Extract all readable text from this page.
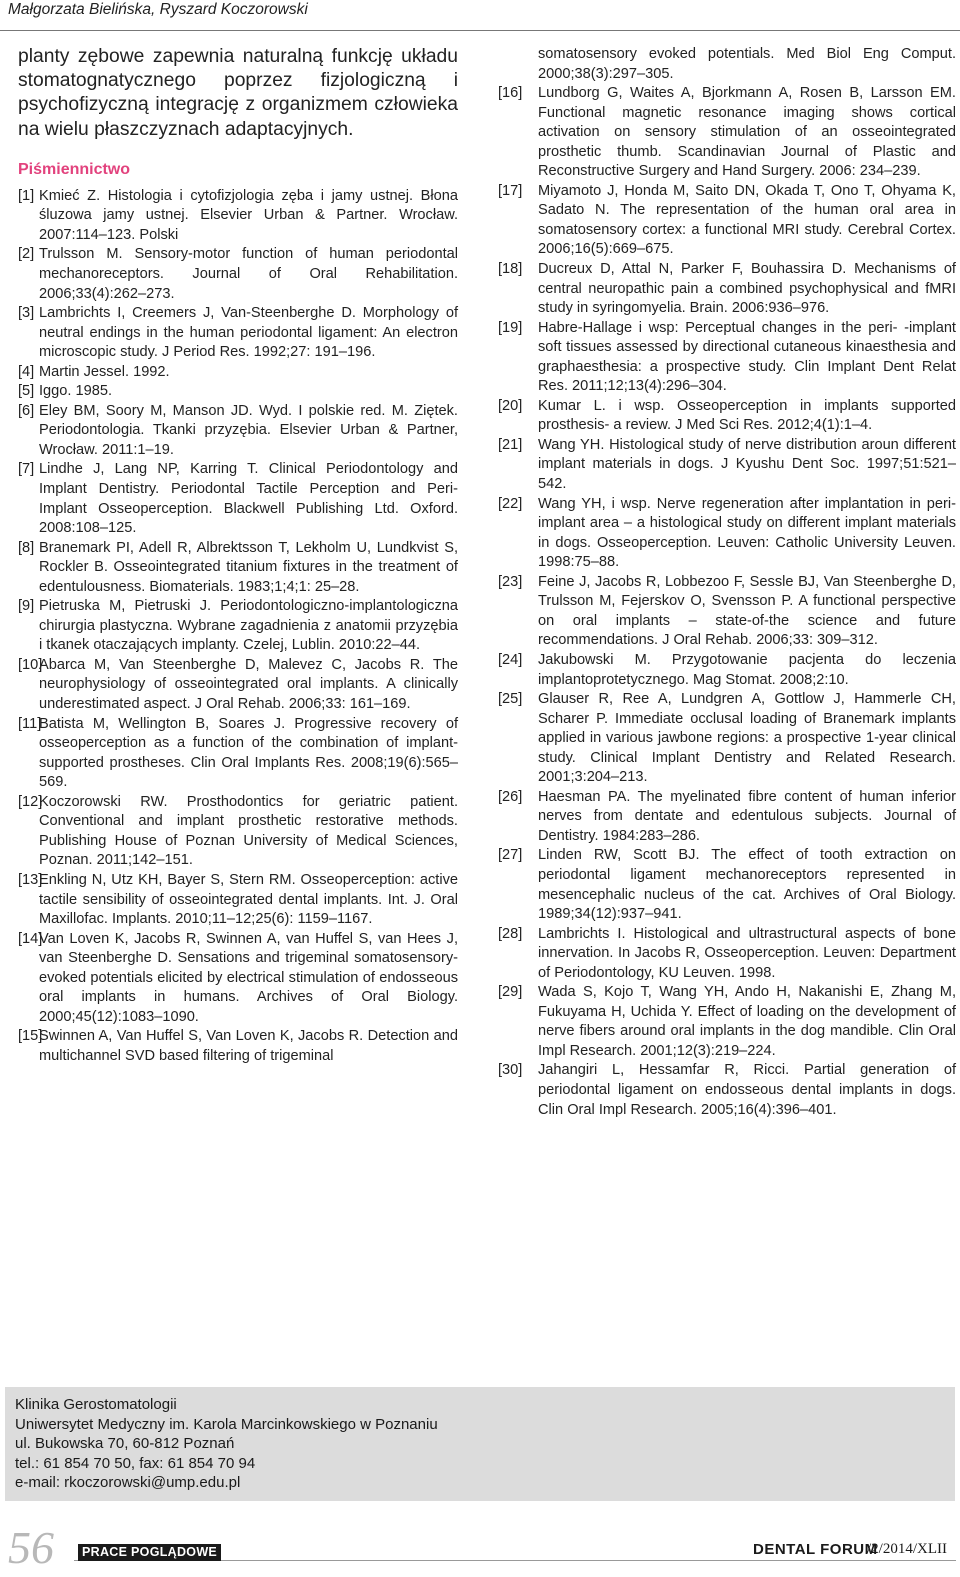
Małgorzata Bielińska, Ryszard Koczorowski

planty zębowe zapewnia naturalną funkcję układu stomatognatycznego poprzez fizjologiczną i psychofizyczną integrację z organizmem człowieka na wielu płaszczyznach adaptacyjnych.

Piśmiennictwo
[1] Kmieć Z. Histologia i cytofizjologia zęba i jamy ustnej. Błona śluzowa jamy ustnej. Elsevier Urban & Partner. Wrocław. 2007:114–123. Polski
[2] Trulsson M. Sensory-motor function of human periodontal mechanoreceptors. Journal of Oral Rehabilitation. 2006;33(4):262–273.
[3] Lambrichts I, Creemers J, Van-Steenberghe D. Morphology of neutral endings in the human periodontal ligament: An electron microscopic study. J Period Res. 1992;27: 191–196.
[4] Martin Jessel. 1992.
[5] Iggo. 1985.
[6] Eley BM, Soory M, Manson JD. Wyd. I polskie red. M. Ziętek. Periodontologia. Tkanki przyzębia. Elsevier Urban & Partner, Wrocław. 2011:1–19.
[7] Lindhe J, Lang NP, Karring T. Clinical Periodontology and Implant Dentistry. Periodontal Tactile Perception and Peri- Implant Osseoperception. Blackwell Publishing Ltd. Oxford. 2008:108–125.
[8] Branemark PI, Adell R, Albrektsson T, Lekholm U, Lundkvist S, Rockler B. Osseointegrated titanium fixtures in the treatment of edentulousness. Biomaterials. 1983;1;4;1: 25–28.
[9] Pietruska M, Pietruski J. Periodontologiczno-implantologiczna chirurgia plastyczna. Wybrane zagadnienia z anatomii przyzębia i tkanek otaczających implanty. Czelej, Lublin. 2010:22–44.
[10]
Abarca M, Van Steenberghe D, Malevez C, Jacobs R. The neurophysiology of osseointegrated oral implants. A clinically underestimated aspect. J Oral Rehab. 2006;33: 161–169.
[11]
Batista M, Wellington B, Soares J. Progressive recovery of osseoperception as a function of the combination of implant-supported prostheses. Clin Oral Implants Res. 2008;19(6):565–569.
[12]
Koczorowski RW. Prosthodontics for geriatric patient. Conventional and implant prosthetic restorative methods. Publishing House of Poznan University of Medical Sciences, Poznan. 2011;142–151.
[13]
Enkling N, Utz KH, Bayer S, Stern RM. Osseoperception: active tactile sensibility of osseointegrated dental implants. Int. J. Oral Maxillofac. Implants. 2010;11–12;25(6): 1159–1167.
[14]
Van Loven K, Jacobs R, Swinnen A, van Huffel S, van Hees J, van Steenberghe D. Sensations and trigeminal somatosensory- evoked potentials elicited by electrical stimulation of endosseous oral implants in humans. Archives of Oral Biology. 2000;45(12):1083–1090.
[15]
Swinnen A, Van Huffel S, Van Loven K, Jacobs R. Detection and multichannel SVD based filtering of trigeminal
somatosensory evoked potentials. Med Biol Eng Comput. 2000;38(3):297–305.
[16] Lundborg G, Waites A, Bjorkmann A, Rosen B, Larsson EM. Functional magnetic resonance imaging shows cortical activation on sensory stimulation of an osseointegrated prosthetic thumb. Scandinavian Journal of Plastic and Reconstructive Surgery and Hand Surgery. 2006: 234–239.
[17] Miyamoto J, Honda M, Saito DN, Okada T, Ono T, Ohyama K, Sadato N. The representation of the human oral area in somatosensory cortex: a functional MRI study. Cerebral Cortex. 2006;16(5):669–675.
[18] Ducreux D, Attal N, Parker F, Bouhassira D. Mechanisms of central neuropathic pain a combined psychophysical and fMRI study in syringomyelia. Brain. 2006:936–976.
[19] Habre-Hallage i wsp: Perceptual changes in the peri- -implant soft tissues assessed by directional cutaneous kinaesthesia and graphaesthesia: a prospective study. Clin Implant Dent Relat Res. 2011;12;13(4):296–304.
[20] Kumar L. i wsp. Osseoperception in implants supported prosthesis- a review. J Med Sci Res. 2012;4(1):1–4.
[21] Wang YH. Histological study of nerve distribution aroun different implant materials in dogs. J Kyushu Dent Soc. 1997;51:521–542.
[22] Wang YH, i wsp. Nerve regeneration after implantation in peri-implant area – a histological study on different implant materials in dogs. Osseoperception. Leuven: Catholic University Leuven. 1998:75–88.
[23] Feine J, Jacobs R, Lobbezoo F, Sessle BJ, Van Steenberghe D, Trulsson M, Fejerskov O, Svensson P. A functional perspective on oral implants – state-of-the science and future recommendations. J Oral Rehab. 2006;33: 309–312.
[24] Jakubowski M. Przygotowanie pacjenta do leczenia implantoprotetycznego. Mag Stomat. 2008;2:10.
[25] Glauser R, Ree A, Lundgren A, Gottlow J, Hammerle CH, Scharer P. Immediate occlusal loading of Branemark implants applied in various jawbone regions: a prospective 1-year clinical study. Clinical Implant Dentistry and Related Research. 2001;3:204–213.
[26] Haesman PA. The myelinated fibre content of human inferior nerves from dentate and edentulous subjects. Journal of Dentistry. 1984:283–286.
[27] Linden RW, Scott BJ. The effect of tooth extraction on periodontal ligament mechanoreceptors represented in mesencephalic nucleus of the cat. Archives of Oral Biology. 1989;34(12):937–941.
[28] Lambrichts I. Histological and ultrastructural aspects of bone innervation. In Jacobs R, Osseoperception. Leuven: Department of Periodontology, KU Leuven. 1998.
[29] Wada S, Kojo T, Wang YH, Ando H, Nakanishi E, Zhang M, Fukuyama H, Uchida Y. Effect of loading on the development of nerve fibers around oral implants in the dog mandible. Clin Oral Impl Research. 2001;12(3):219–224.
[30] Jahangiri L, Hessamfar R, Ricci. Partial generation of periodontal ligament on endosseous dental implants in dogs. Clin Oral Impl Research. 2005;16(4):396–401.
Klinika Gerostomatologii
Uniwersytet Medyczny im. Karola Marcinkowskiego w Poznaniu
ul. Bukowska 70, 60-812 Poznań
tel.: 61 854 70 50, fax: 61 854 70 94
e-mail: rkoczorowski@ump.edu.pl
56	PRACE POGLĄDOWE	DENTAL FORUM
/2/2014/XLII
